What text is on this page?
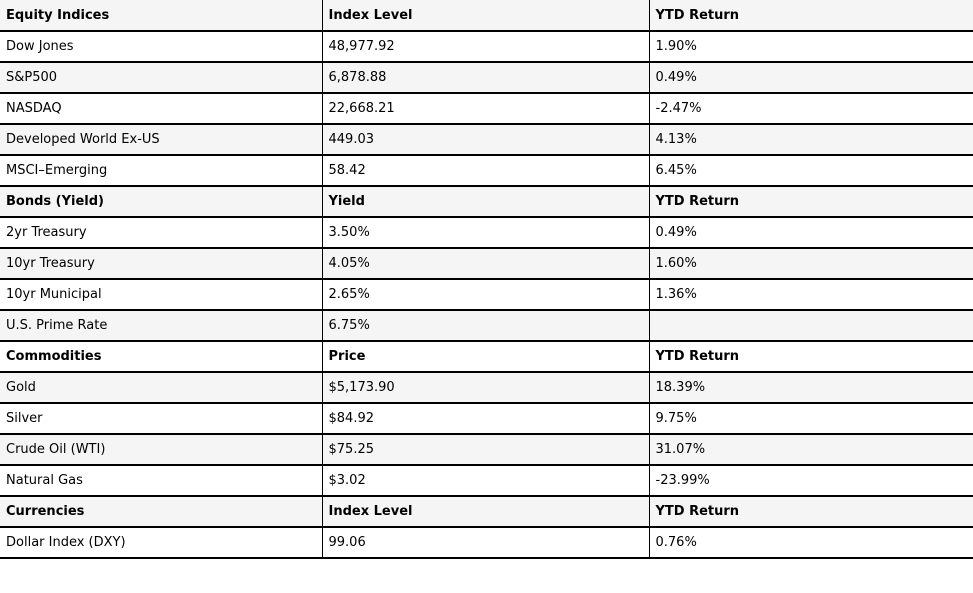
Equity Indices	Index Level	YTD Return
Dow Jones	48,977.92	1.90%
S&P500	6,878.88	0.49%
NASDAQ	22,668.21	-2.47%
Developed World Ex-US	449.03	4.13%
MSCI–Emerging	58.42	6.45%
Bonds (Yield)	Yield	YTD Return
2yr Treasury	3.50%	0.49%
10yr Treasury	4.05%	1.60%
10yr Municipal	2.65%	1.36%
U.S. Prime Rate	6.75%	
Commodities	Price	YTD Return
Gold	$5,173.90	18.39%
Silver	$84.92	9.75%
Crude Oil (WTI)	$75.25	31.07%
Natural Gas	$3.02	-23.99%
Currencies	Index Level	YTD Return
Dollar Index (DXY)	99.06	0.76%
